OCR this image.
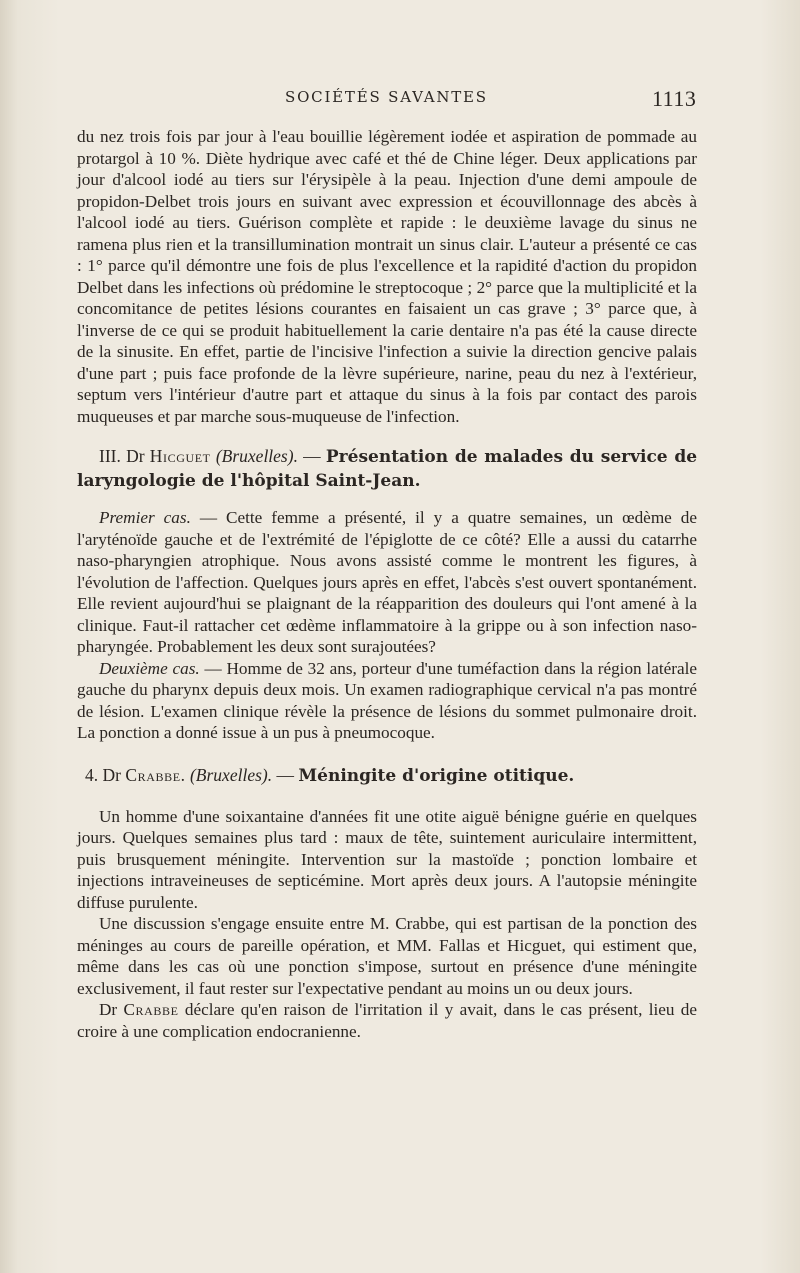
SOCIÉTÉS SAVANTES	1113

du nez trois fois par jour à l'eau bouillie légèrement iodée et aspiration de pommade au protargol à 10 %. Diète hydrique avec café et thé de Chine léger. Deux applications par jour d'alcool iodé au tiers sur l'érysipèle à la peau. Injection d'une demi ampoule de propidon-Delbet trois jours en suivant avec expression et écouvillonnage des abcès à l'alcool iodé au tiers. Guérison complète et rapide : le deuxième lavage du sinus ne ramena plus rien et la transillumination montrait un sinus clair. L'auteur a présenté ce cas : 1° parce qu'il démontre une fois de plus l'excellence et la rapidité d'action du propidon Delbet dans les infections où prédomine le streptocoque ; 2° parce que la multiplicité et la concomitance de petites lésions courantes en faisaient un cas grave ; 3° parce que, à l'inverse de ce qui se produit habituellement la carie dentaire n'a pas été la cause directe de la sinusite. En effet, partie de l'incisive l'infection a suivie la direction gencive palais d'une part ; puis face profonde de la lèvre supérieure, narine, peau du nez à l'extérieur, septum vers l'intérieur d'autre part et attaque du sinus à la fois par contact des parois muqueuses et par marche sous-muqueuse de l'infection.

III. Dr Hicguet (Bruxelles). — Présentation de malades du service de laryngologie de l'hôpital Saint-Jean.

Premier cas. — Cette femme a présenté, il y a quatre semaines, un œdème de l'aryténoïde gauche et de l'extrémité de l'épiglotte de ce côté? Elle a aussi du catarrhe naso-pharyngien atrophique. Nous avons assisté comme le montrent les figures, à l'évolution de l'affection. Quelques jours après en effet, l'abcès s'est ouvert spontanément. Elle revient aujourd'hui se plaignant de la réapparition des douleurs qui l'ont amené à la clinique. Faut-il rattacher cet œdème inflammatoire à la grippe ou à son infection naso-pharyngée. Probablement les deux sont surajoutées?

Deuxième cas. — Homme de 32 ans, porteur d'une tuméfaction dans la région latérale gauche du pharynx depuis deux mois. Un examen radiographique cervical n'a pas montré de lésion. L'examen clinique révèle la présence de lésions du sommet pulmonaire droit. La ponction a donné issue à un pus à pneumocoque.

4. Dr Crabbe. (Bruxelles). — Méningite d'origine otitique.

Un homme d'une soixantaine d'années fit une otite aiguë bénigne guérie en quelques jours. Quelques semaines plus tard : maux de tête, suintement auriculaire intermittent, puis brusquement méningite. Intervention sur la mastoïde ; ponction lombaire et injections intraveineuses de septicémine. Mort après deux jours. A l'autopsie méningite diffuse purulente.

Une discussion s'engage ensuite entre M. Crabbe, qui est partisan de la ponction des méninges au cours de pareille opération, et MM. Fallas et Hicguet, qui estiment que, même dans les cas où une ponction s'impose, surtout en présence d'une méningite exclusivement, il faut rester sur l'expectative pendant au moins un ou deux jours.

Dr Crabbe déclare qu'en raison de l'irritation il y avait, dans le cas présent, lieu de croire à une complication endocranienne.
